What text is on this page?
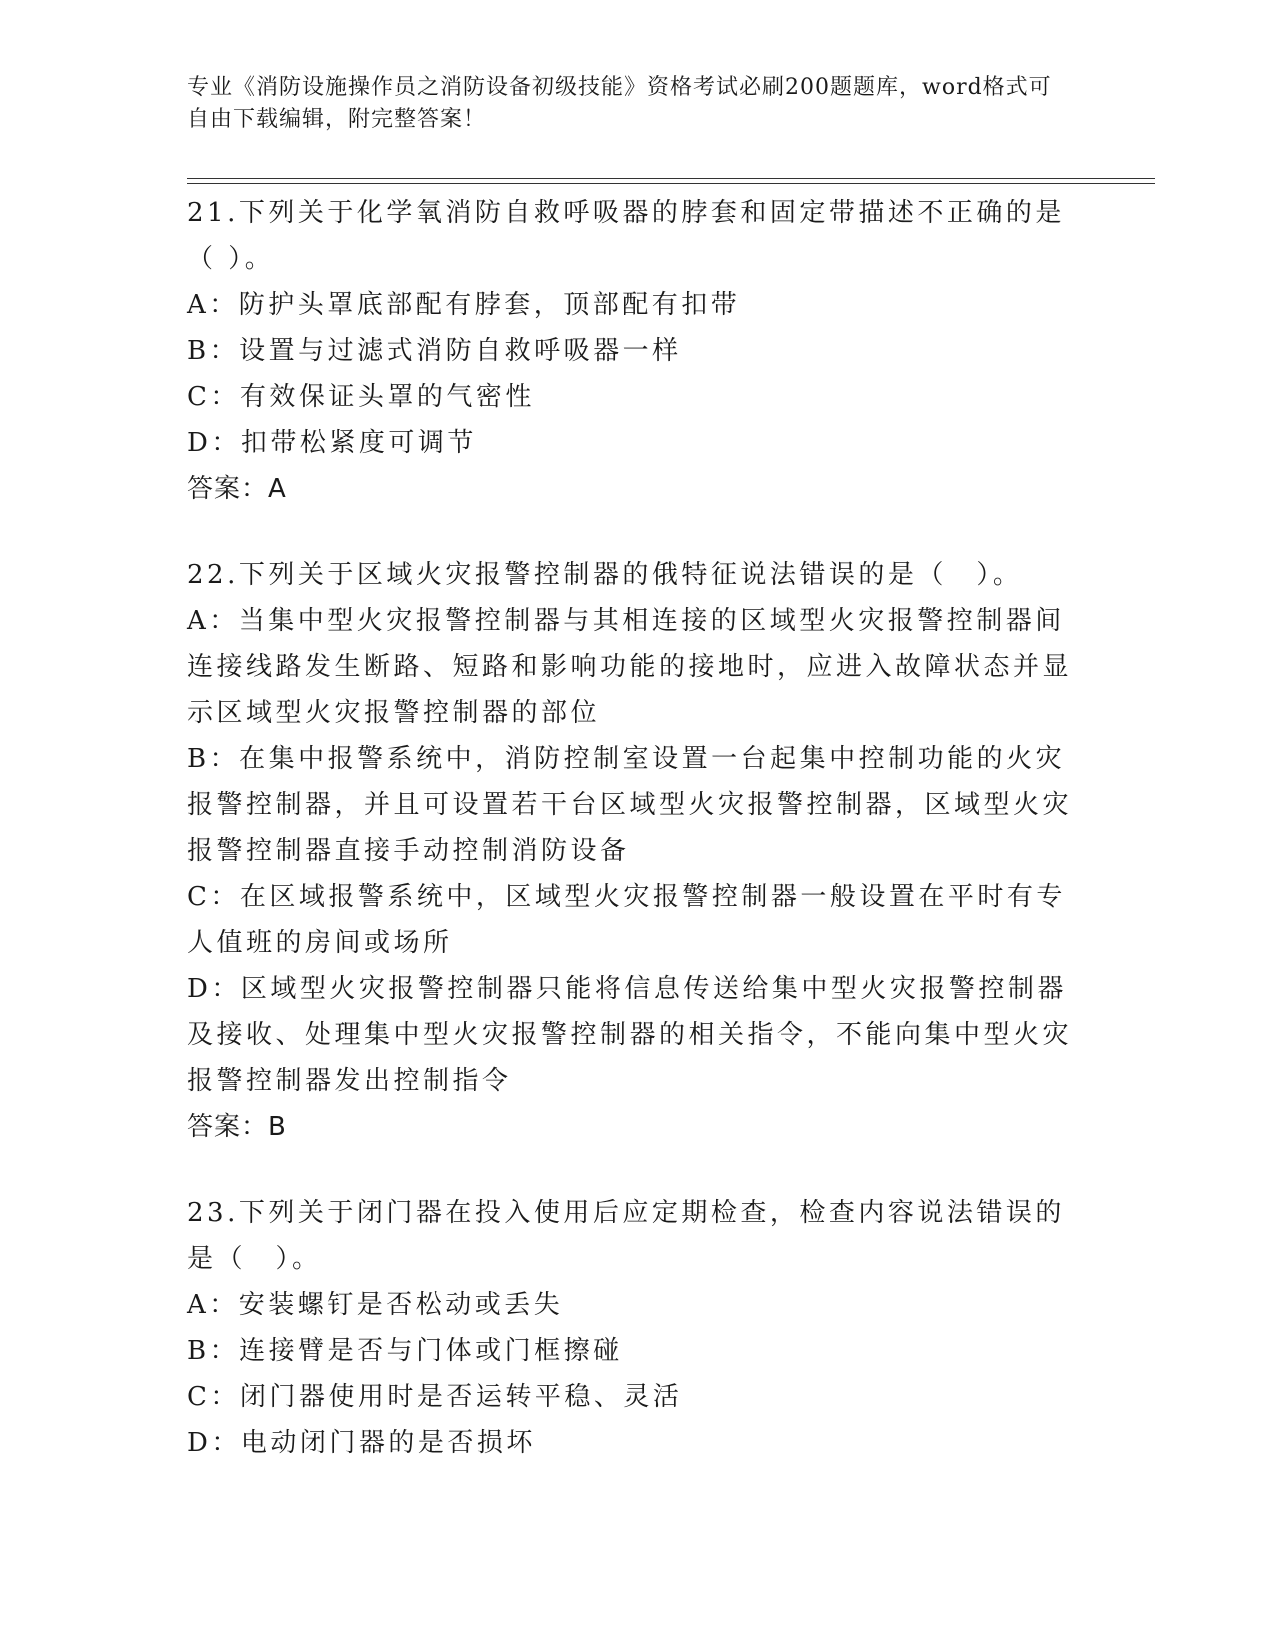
专业《消防设施操作员之消防设备初级技能》资格考试必刷200题题库，word格式可自由下载编辑，附完整答案！
21.下列关于化学氧消防自救呼吸器的脖套和固定带描述不正确的是（ ）。
A：防护头罩底部配有脖套，顶部配有扣带
B：设置与过滤式消防自救呼吸器一样
C：有效保证头罩的气密性
D：扣带松紧度可调节
答案：A
22.下列关于区域火灾报警控制器的俄特征说法错误的是（　）。
A：当集中型火灾报警控制器与其相连接的区域型火灾报警控制器间连接线路发生断路、短路和影响功能的接地时，应进入故障状态并显示区域型火灾报警控制器的部位
B：在集中报警系统中，消防控制室设置一台起集中控制功能的火灾报警控制器，并且可设置若干台区域型火灾报警控制器，区域型火灾报警控制器直接手动控制消防设备
C：在区域报警系统中，区域型火灾报警控制器一般设置在平时有专人值班的房间或场所
D：区域型火灾报警控制器只能将信息传送给集中型火灾报警控制器及接收、处理集中型火灾报警控制器的相关指令，不能向集中型火灾报警控制器发出控制指令
答案：B
23.下列关于闭门器在投入使用后应定期检查，检查内容说法错误的是（　）。
A：安装螺钉是否松动或丢失
B：连接臂是否与门体或门框擦碰
C：闭门器使用时是否运转平稳、灵活
D：电动闭门器的是否损坏
